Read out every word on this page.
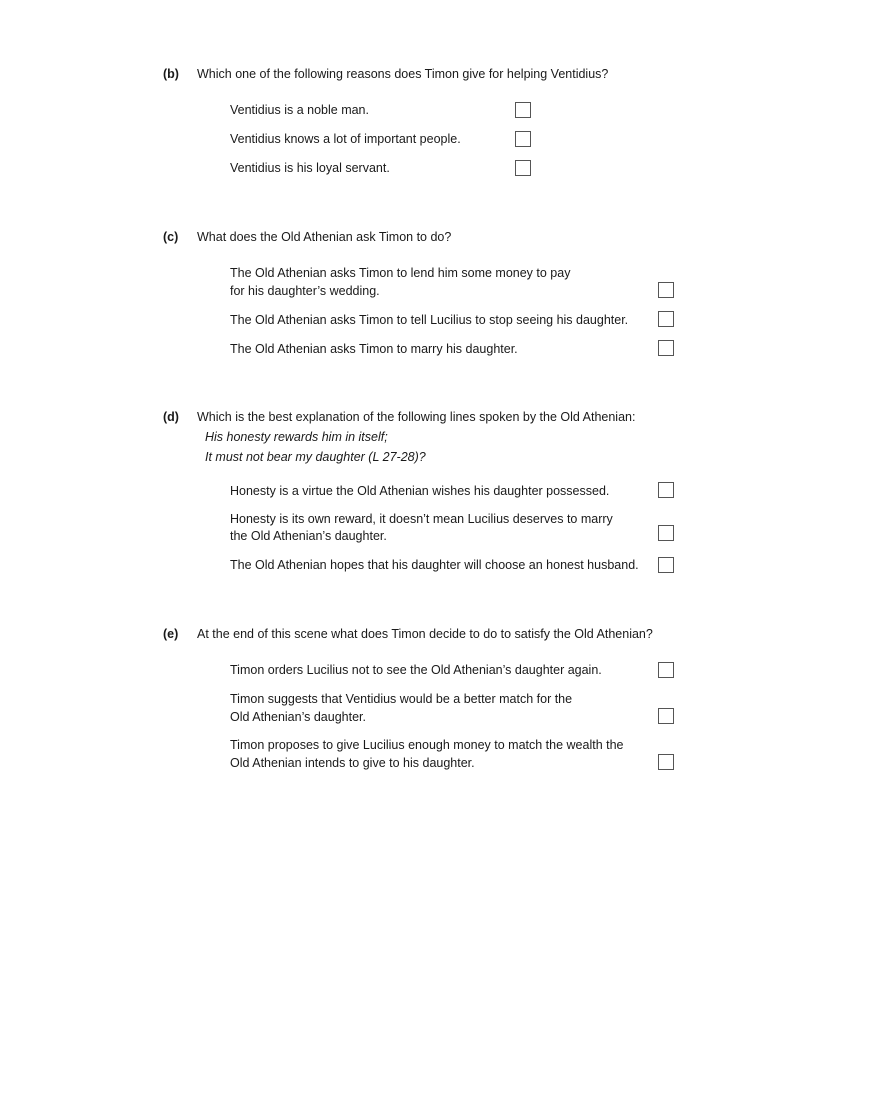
(b) Which one of the following reasons does Timon give for helping Ventidius?
Ventidius is a noble man.
Ventidius knows a lot of important people.
Ventidius is his loyal servant.
(c) What does the Old Athenian ask Timon to do?
The Old Athenian asks Timon to lend him some money to pay
for his daughter’s wedding.
The Old Athenian asks Timon to tell Lucilius to stop seeing his daughter.
The Old Athenian asks Timon to marry his daughter.
(d) Which is the best explanation of the following lines spoken by the Old Athenian:
His honesty rewards him in itself;
It must not bear my daughter (L 27-28)?
Honesty is a virtue the Old Athenian wishes his daughter possessed.
Honesty is its own reward, it doesn’t mean Lucilius deserves to marry
the Old Athenian’s daughter.
The Old Athenian hopes that his daughter will choose an honest husband.
(e) At the end of this scene what does Timon decide to do to satisfy the Old Athenian?
Timon orders Lucilius not to see the Old Athenian’s daughter again.
Timon suggests that Ventidius would be a better match for the
Old Athenian’s daughter.
Timon proposes to give Lucilius enough money to match the wealth the
Old Athenian intends to give to his daughter.
